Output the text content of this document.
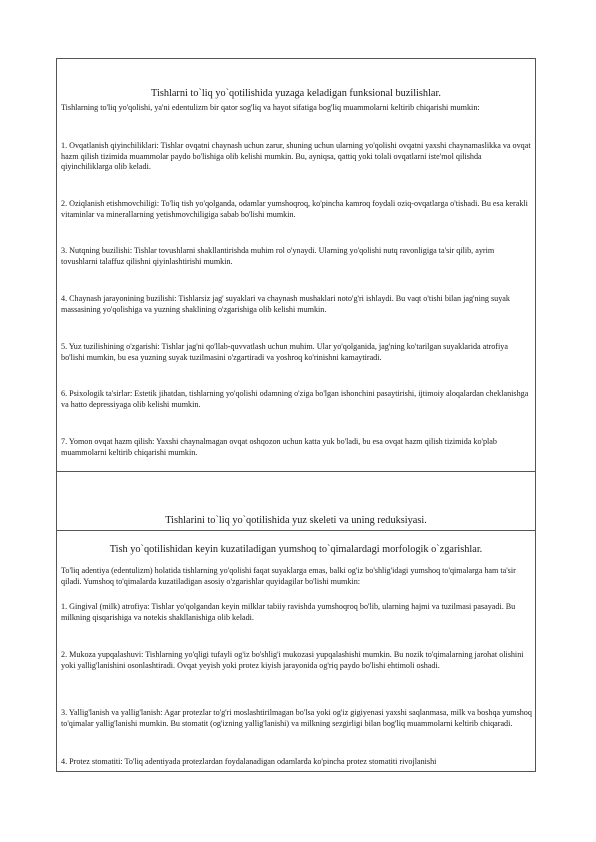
Tishlarni to`liq yo`qotilishida yuzaga keladigan funksional buzilishlar.
Tishlarning to'liq yo'qolishi, ya'ni edentulizm bir qator sog'liq va hayot sifatiga bog'liq muammolarni keltirib chiqarishi mumkin:
1. Ovqatlanish qiyinchiliklari: Tishlar ovqatni chaynash uchun zarur, shuning uchun ularning yo'qolishi ovqatni yaxshi chaynamaslikka va ovqat hazm qilish tizimida muammolar paydo bo'lishiga olib kelishi mumkin. Bu, ayniqsa, qattiq yoki tolali ovqatlarni iste'mol qilishda qiyinchiliklarga olib keladi.
2. Oziqlanish etishmovchiligi: To'liq tish yo'qolganda, odamlar yumshoqroq, ko'pincha kamroq foydali oziq-ovqatlarga o'tishadi. Bu esa kerakli vitaminlar va minerallarning yetishmovchiligiga sabab bo'lishi mumkin.
3. Nutqning buzilishi: Tishlar tovushlarni shakllantirishda muhim rol o'ynaydi. Ularning yo'qolishi nutq ravonligiga ta'sir qilib, ayrim tovushlarni talaffuz qilishni qiyinlashtirishi mumkin.
4. Chaynash jarayonining buzilishi: Tishlarsiz jag' suyaklari va chaynash mushaklari noto'g'ri ishlaydi. Bu vaqt o'tishi bilan jag'ning suyak massasining yo'qolishiga va yuzning shaklining o'zgarishiga olib kelishi mumkin.
5. Yuz tuzilishining o'zgarishi: Tishlar jag'ni qo'llab-quvvatlash uchun muhim. Ular yo'qolganida, jag'ning ko'tarilgan suyaklarida atrofiya bo'lishi mumkin, bu esa yuzning suyak tuzilmasini o'zgartiradi va yoshroq ko'rinishni kamaytiradi.
6. Psixologik ta'sirlar: Estetik jihatdan, tishlarning yo'qolishi odamning o'ziga bo'lgan ishonchini pasaytirishi, ijtimoiy aloqalardan cheklanishga va hatto depressiyaga olib kelishi mumkin.
7. Yomon ovqat hazm qilish: Yaxshi chaynalmagan ovqat oshqozon uchun katta yuk bo'ladi, bu esa ovqat hazm qilish tizimida ko'plab muammolarni keltirib chiqarishi mumkin.
Tishlarini to`liq yo`qotilishida yuz skeleti va uning reduksiyasi.
Tish yo`qotilishidan keyin kuzatiladigan yumshoq to`qimalardagi morfologik o`zgarishlar.
To'liq adentiya (edentulizm) holatida tishlarning yo'qolishi faqat suyaklarga emas, balki og'iz bo'shlig'idagi yumshoq to'qimalarga ham ta'sir qiladi. Yumshoq to'qimalarda kuzatiladigan asosiy o'zgarishlar quyidagilar bo'lishi mumkin:
1. Gingival (milk) atrofiya: Tishlar yo'qolgandan keyin milklar tabiiy ravishda yumshoqroq bo'lib, ularning hajmi va tuzilmasi pasayadi. Bu milkning qisqarishiga va notekis shakllanishiga olib keladi.
2. Mukoza yupqalashuvi: Tishlarning yo'qligi tufayli og'iz bo'shlig'i mukozasi yupqalashishi mumkin. Bu nozik to'qimalarning jarohat olishini yoki yallig'lanishini osonlashtiradi. Ovqat yeyish yoki protez kiyish jarayonida og'riq paydo bo'lishi ehtimoli oshadi.
3. Yallig'lanish va yallig'lanish: Agar protezlar to'g'ri moslashtirilmagan bo'lsa yoki og'iz gigiyenasi yaxshi saqlanmasa, milk va boshqa yumshoq to'qimalar yallig'lanishi mumkin. Bu stomatit (og'izning yallig'lanishi) va milkning sezgirligi bilan bog'liq muammolarni keltirib chiqaradi.
4. Protez stomatiti: To'liq adentiyada protezlardan foydalanadigan odamlarda ko'pincha protez stomatiti rivojlanishi
